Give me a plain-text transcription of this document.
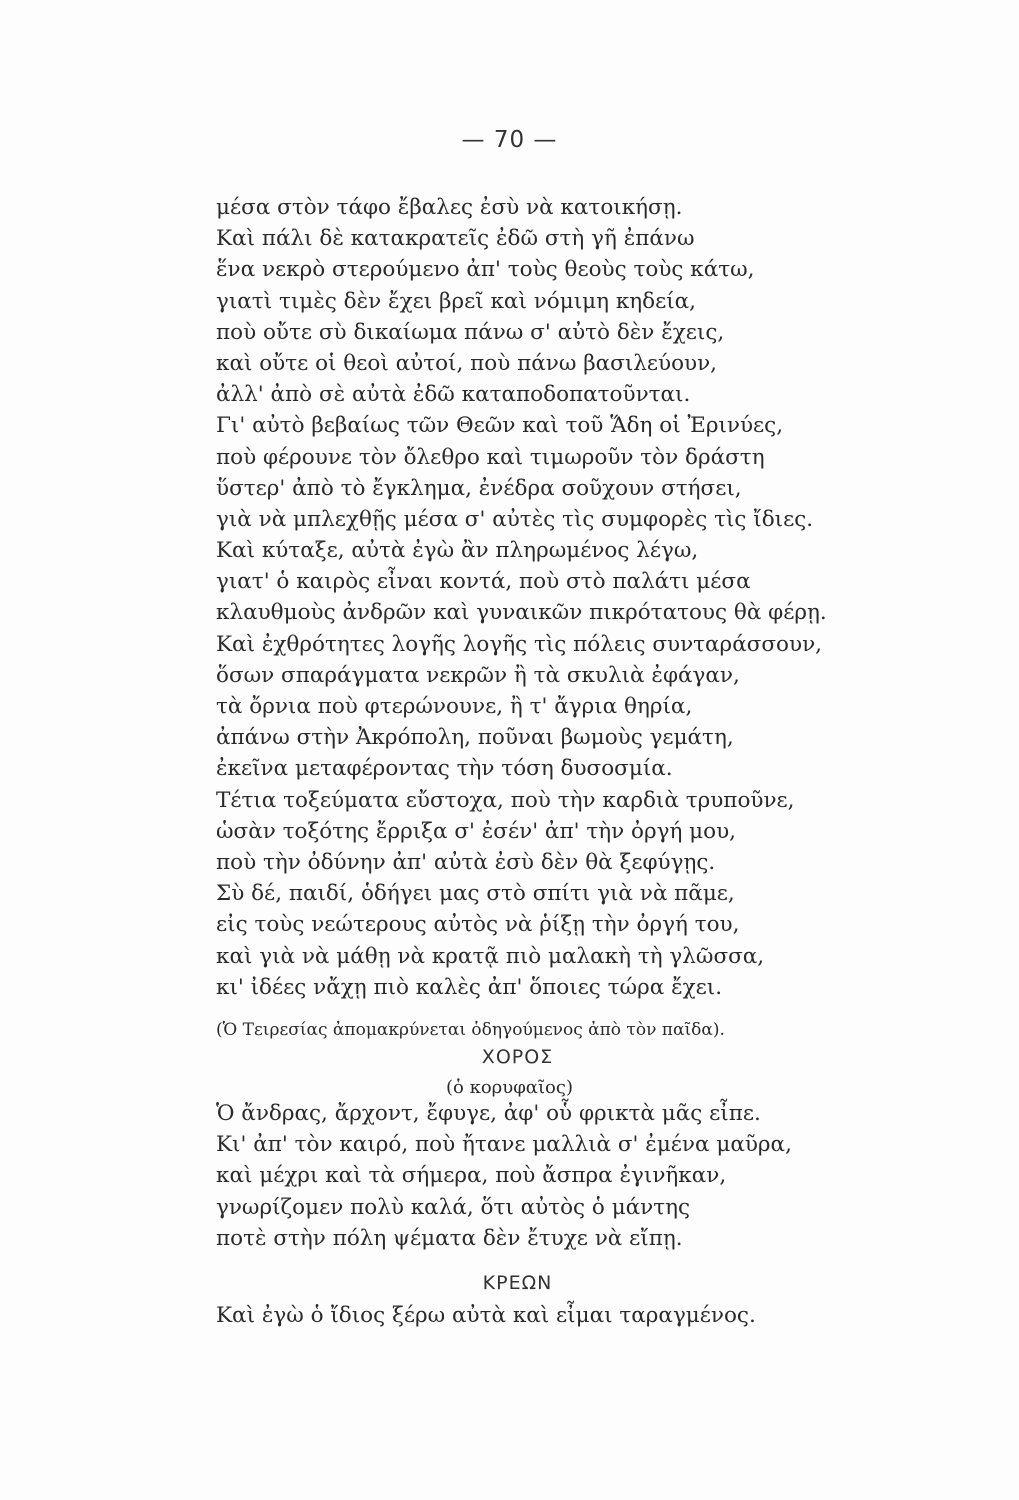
— 70 —
μέσα στὸν τάφο ἔβαλες ἐσὺ νὰ κατοικήσῃ.
Καὶ πάλι δὲ κατακρατεῖς ἐδῶ στὴ γῆ ἐπάνω
ἕνα νεκρὸ στερούμενο ἀπ' τοὺς θεοὺς τοὺς κάτω,
γιατὶ τιμὲς δὲν ἔχει βρεῖ καὶ νόμιμη κηδεία,
ποὺ οὔτε σὺ δικαίωμα πάνω σ' αὐτὸ δὲν ἔχεις,
καὶ οὔτε οἱ θεοὶ αὐτοί, ποὺ πάνω βασιλεύουν,
ἀλλ' ἀπὸ σὲ αὐτὰ ἐδῶ καταποδοπατοῦνται.
Γι' αὐτὸ βεβαίως τῶν Θεῶν καὶ τοῦ Ἅδη οἱ Ἐρινύες,
ποὺ φέρουνε τὸν ὄλεθρο καὶ τιμωροῦν τὸν δράστη
ὕστερ' ἀπὸ τὸ ἔγκλημα, ἐνέδρα σοῦχουν στήσει,
γιὰ νὰ μπλεχθῇς μέσα σ' αὐτὲς τὶς συμφορὲς τὶς ἴδιες.
Καὶ κύταξε, αὐτὰ ἐγὼ ἂν πληρωμένος λέγω,
γιατ' ὁ καιρὸς εἶναι κοντά, ποὺ στὸ παλάτι μέσα
κλαυθμοὺς ἀνδρῶν καὶ γυναικῶν πικρότατους θὰ φέρῃ.
Καὶ ἐχθρότητες λογῆς λογῆς τὶς πόλεις συνταράσσουν,
ὅσων σπαράγματα νεκρῶν ἢ τὰ σκυλιὰ ἐφάγαν,
τὰ ὄρνια ποὺ φτερώνουνε, ἢ τ' ἄγρια θηρία,
ἀπάνω στὴν Ἀκρόπολη, ποῦναι βωμοὺς γεμάτη,
ἐκεῖνα μεταφέροντας τὴν τόση δυσοσμία.
Τέτια τοξεύματα εὔστοχα, ποὺ τὴν καρδιὰ τρυποῦνε,
ὡσὰν τοξότης ἔρριξα σ' ἐσέν' ἀπ' τὴν ὀργή μου,
ποὺ τὴν ὀδύνην ἀπ' αὐτὰ ἐσὺ δὲν θὰ ξεφύγῃς.
Σὺ δέ, παιδί, ὁδήγει μας στὸ σπίτι γιὰ νὰ πᾶμε,
εἰς τοὺς νεώτερους αὐτὸς νὰ ῥίξῃ τὴν ὀργή του,
καὶ γιὰ νὰ μάθῃ νὰ κρατᾷ πιὸ μαλακὴ τὴ γλῶσσα,
κι' ἰδέες νἄχῃ πιὸ καλὲς ἀπ' ὅποιες τώρα ἔχει.
(Ὁ Τειρεσίας ἀπομακρύνεται ὁδηγούμενος ἀπὸ τὸν παῖδα).
ΧΟΡΟΣ
(ὁ κορυφαῖος)
Ὁ ἄνδρας, ἄρχοντ, ἔφυγε, ἀφ' οὗ φρικτὰ μᾶς εἶπε.
Κι' ἀπ' τὸν καιρό, ποὺ ἤτανε μαλλιὰ σ' ἐμένα μαῦρα,
καὶ μέχρι καὶ τὰ σήμερα, ποὺ ἄσπρα ἐγινῆκαν,
γνωρίζομεν πολὺ καλά, ὅτι αὐτὸς ὁ μάντης
ποτὲ στὴν πόλη ψέματα δὲν ἔτυχε νὰ εἴπῃ.
ΚΡΕΩΝ
Καὶ ἐγὼ ὁ ἴδιος ξέρω αὐτὰ καὶ εἶμαι ταραγμένος.
